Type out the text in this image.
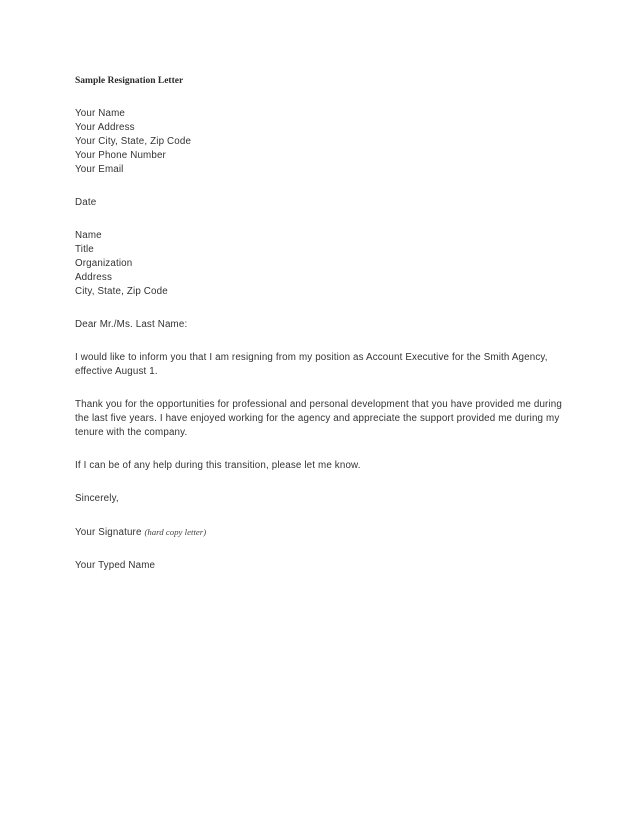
Sample Resignation Letter
Your Name
Your Address
Your City, State, Zip Code
Your Phone Number
Your Email
Date
Name
Title
Organization
Address
City, State, Zip Code
Dear Mr./Ms. Last Name:

I would like to inform you that I am resigning from my position as Account Executive for the Smith Agency, effective August 1.

Thank you for the opportunities for professional and personal development that you have provided me during the last five years. I have enjoyed working for the agency and appreciate the support provided me during my tenure with the company.

If I can be of any help during this transition, please let me know.

Sincerely,
Your Signature (hard copy letter)
Your Typed Name
